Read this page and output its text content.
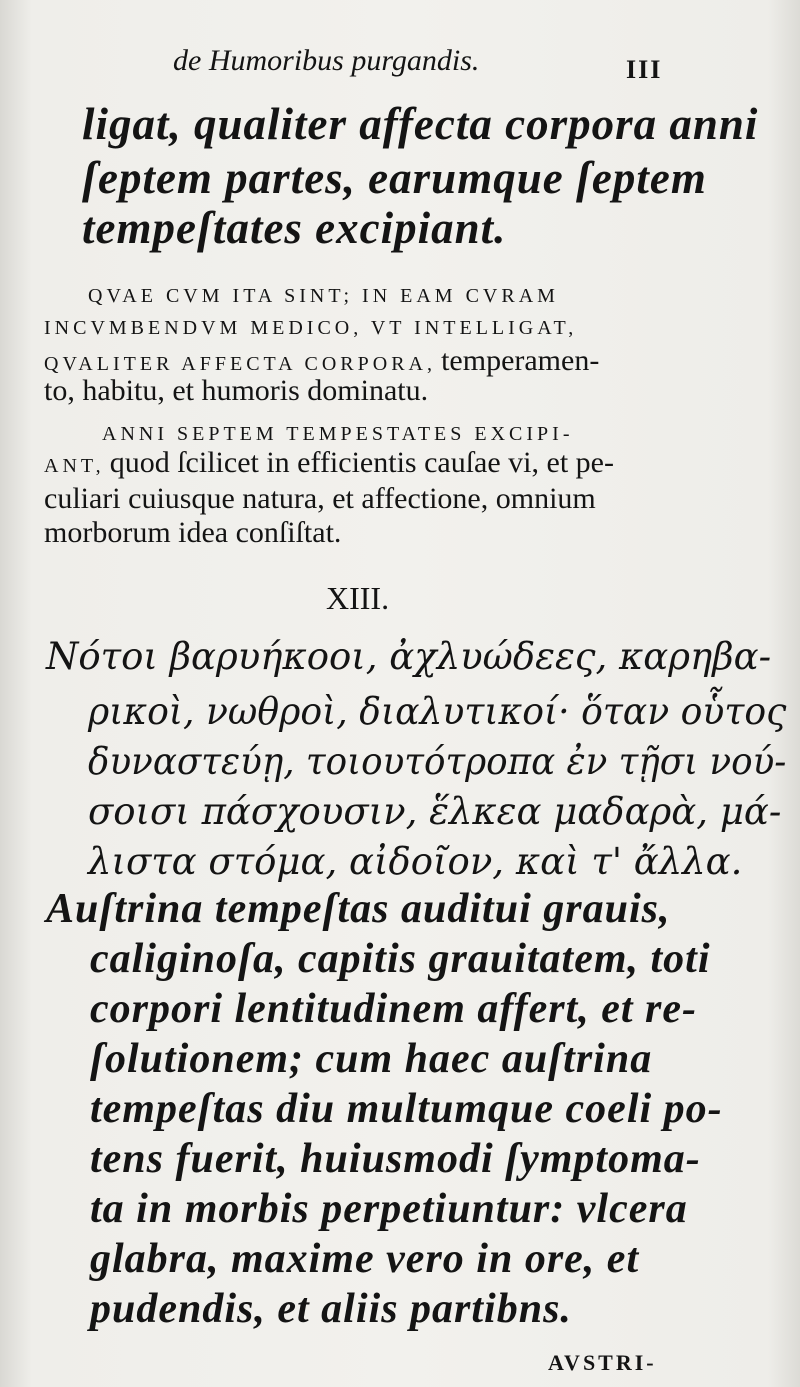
de Humoribus purgandis.	III
ligat, qualiter affecta corpora anni
ſeptem partes, earumque ſeptem
tempeſtates excipiant.
QVAE CVM ITA SINT; IN EAM CVRAM
INCVMBENDVM MEDICO, VT INTELLIGAT,
QVALITER AFFECTA CORPORA, temperamen-
to, habitu, et humoris dominatu.
ANNI SEPTEM TEMPESTATES EXCIPI-
ANT, quod ſcilicet in efficientis cauſae vi, et pe-
culiari cuiusque natura, et affectione, omnium
morborum idea conſiſtat.
XIII.
Νότοι βαρυήκοοι, ἀχλυώδεες, καρηβα-
ρικοὶ, νωθροὶ, διαλυτικοί· ὅταν οὗτος
δυναστεύῃ, τοιουτότροπα ἐν τῇσι νού-
σοισι πάσχουσιν, ἕλκεα μαδαρὰ, μά-
λιστα στόμα, αἰδοῖον, καὶ τ' ἄλλα.
Auſtrina tempeſtas auditui grauis,
caliginoſa, capitis grauitatem, toti
corpori lentitudinem affert, et re-
ſolutionem; cum haec auſtrina
tempeſtas diu multumque coeli po-
tens fuerit, huiusmodi ſymptoma-
ta in morbis perpetiuntur: vlcera
glabra, maxime vero in ore, et
pudendis, et aliis partibns.
AVSTRI-
